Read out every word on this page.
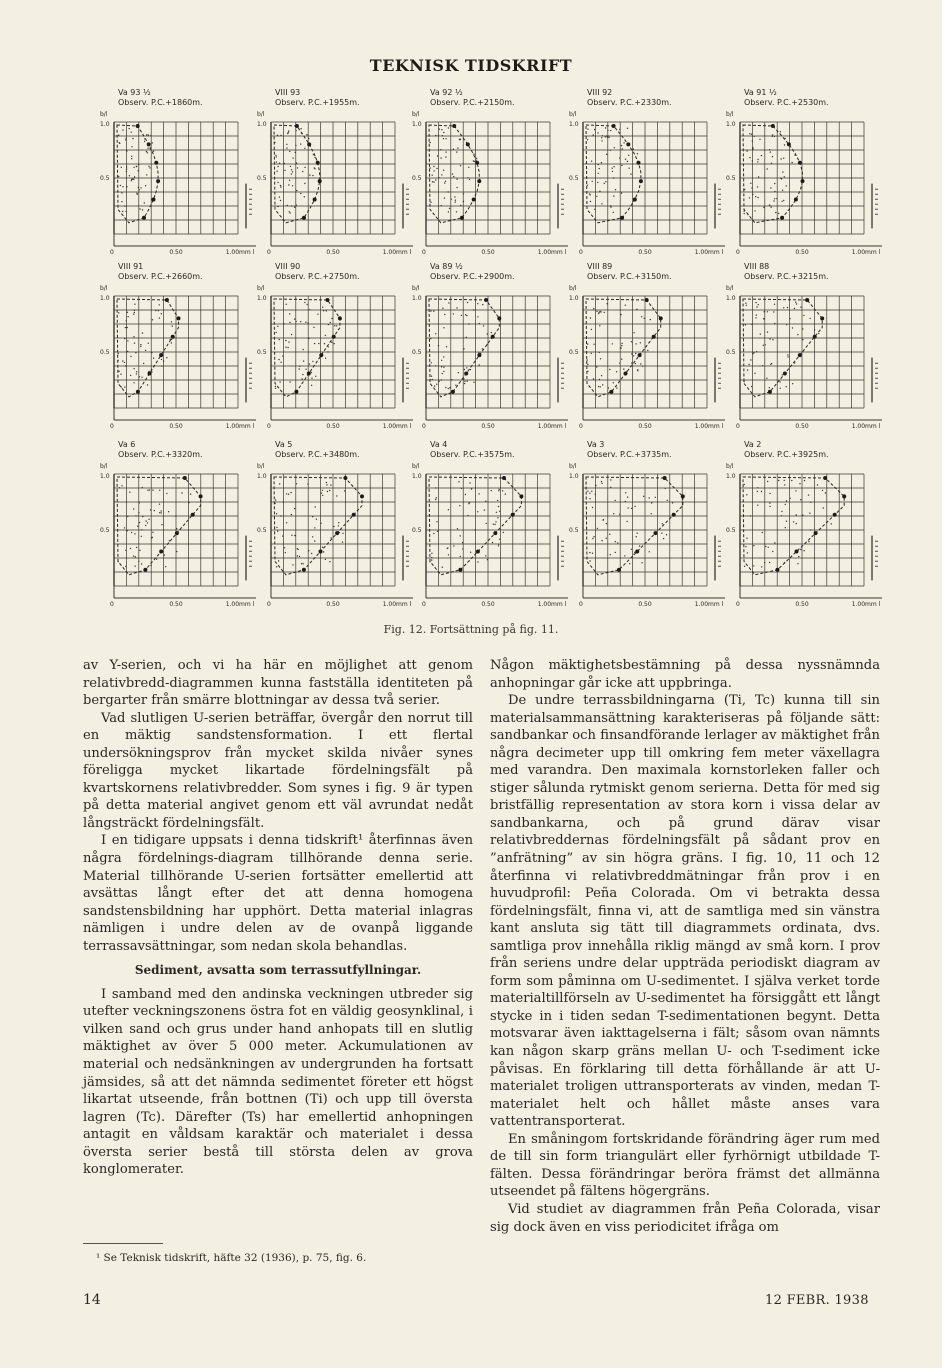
TEKNISK TIDSKRIFT
Va 93 ½
Observ. P.C.+1860m.
b/l
1.0
0.5
0	0.50	1.00mm l
VIII 93
Observ. P.C.+1955m.
b/l
1.0
0.5
0	0.50	1.00mm l
Va 92 ½
Observ. P.C.+2150m.
b/l
1.0
0.5
0	0.50	1.00mm l
VIII 92
Observ. P.C.+2330m.
b/l
1.0
0.5
0	0.50	1.00mm l
Va 91 ½
Observ. P.C.+2530m.
b/l
1.0
0.5
0	0.50	1.00mm l
VIII 91
Observ. P.C.+2660m.
b/l
1.0
0.5
0	0.50	1.00mm l
VIII 90
Observ. P.C.+2750m.
b/l
1.0
0.5
0	0.50	1.00mm l
Va 89 ½
Observ. P.C.+2900m.
b/l
1.0
0.5
0	0.50	1.00mm l
VIII 89
Observ. P.C.+3150m.
b/l
1.0
0.5
0	0.50	1.00mm l
VIII 88
Observ. P.C.+3215m.
b/l
1.0
0.5
0	0.50	1.00mm l
Va 6
Observ. P.C.+3320m.
b/l
1.0
0.5
0	0.50	1.00mm l
Va 5
Observ. P.C.+3480m.
b/l
1.0
0.5
0	0.50	1.00mm l
Va 4
Observ. P.C.+3575m.
b/l
1.0
0.5
0	0.50	1.00mm l
Va 3
Observ. P.C.+3735m.
b/l
1.0
0.5
0	0.50	1.00mm l
Va 2
Observ. P.C.+3925m.
b/l
1.0
0.5
0	0.50	1.00mm l
Fig. 12. Fortsättning på fig. 11.

av Y-serien, och vi ha här en möjlighet att genom relativbredd-diagrammen kunna fastställa identiteten på bergarter från smärre blottningar av dessa två serier.

Vad slutligen U-serien beträffar, övergår den norrut till en mäktig sandstensformation. I ett flertal undersökningsprov från mycket skilda nivåer synes föreligga mycket likartade fördelningsfält på kvartskornens relativbredder. Som synes i fig. 9 är typen på detta material angivet genom ett väl avrundat nedåt långsträckt fördelningsfält.

I en tidigare uppsats i denna tidskrift¹ återfinnas även några fördelnings-diagram tillhörande denna serie. Material tillhörande U-serien fortsätter emellertid att avsättas långt efter det att denna homogena sandstensbildning har upphört. Detta material inlagras nämligen i undre delen av de ovanpå liggande terrassavsättningar, som nedan skola behandlas.

Sediment, avsatta som terrassutfyllningar.

I samband med den andinska veckningen utbreder sig utefter veckningszonens östra fot en väldig geosynklinal, i vilken sand och grus under hand anhopats till en slutlig mäktighet av över 5 000 meter. Ackumulationen av material och nedsänkningen av undergrunden ha fortsatt jämsides, så att det nämnda sedimentet företer ett högst likartat utseende, från bottnen (Ti) och upp till översta lagren (Tc). Därefter (Ts) har emellertid anhopningen antagit en våldsam karaktär och materialet i dessa översta serier bestå till största delen av grova konglomerater.

Någon mäktighetsbestämning på dessa nyssnämnda anhopningar går icke att uppbringa.

De undre terrassbildningarna (Ti, Tc) kunna till sin materialsammansättning karakteriseras på följande sätt: sandbankar och finsandförande lerlager av mäktighet från några decimeter upp till omkring fem meter växellagra med varandra. Den maximala kornstorleken faller och stiger sålunda rytmiskt genom serierna. Detta för med sig bristfällig representation av stora korn i vissa delar av sandbankarna, och på grund därav visar relativbreddernas fördelningsfält på sådant prov en ”anfrätning” av sin högra gräns. I fig. 10, 11 och 12 återfinna vi relativbreddmätningar från prov i en huvudprofil: Peña Colorada. Om vi betrakta dessa fördelningsfält, finna vi, att de samtliga med sin vänstra kant ansluta sig tätt till diagrammets ordinata, dvs. samtliga prov innehålla riklig mängd av små korn. I prov från seriens undre delar uppträda periodiskt diagram av form som påminna om U-sedimentet. I själva verket torde materialtillförseln av U-sedimentet ha försiggått ett långt stycke in i tiden sedan T-sedimentationen begynt. Detta motsvarar även iakttagelserna i fält; såsom ovan nämnts kan någon skarp gräns mellan U- och T-sediment icke påvisas. En förklaring till detta förhållande är att U-materialet troligen uttransporterats av vinden, medan T-materialet helt och hållet måste anses vara vattentransporterat.

En småningom fortskridande förändring äger rum med de till sin form triangulärt eller fyrhörnigt utbildade T-fälten. Dessa förändringar beröra främst det allmänna utseendet på fältens högergräns.

Vid studiet av diagrammen från Peña Colorada, visar sig dock även en viss periodicitet ifråga om

¹ Se Teknisk tidskrift, häfte 32 (1936), p. 75, fig. 6.
14	12 FEBR. 1938
